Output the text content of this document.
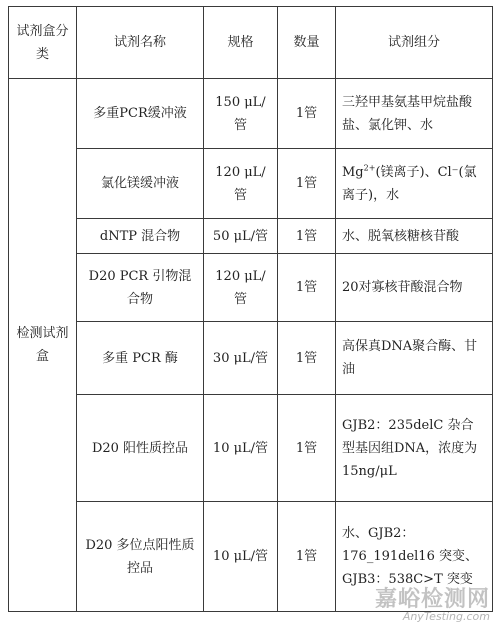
试剂盒分类	试剂名称	规格	数量	试剂组分
检测试剂盒	多重PCR缓冲液	150 μL/管	1管	三羟甲基氨基甲烷盐酸盐、氯化钾、水
	氯化镁缓冲液	120 μL/管	1管	$Mg^{2+}$(镁离子)、Cl⁻(氯离子)，水
	dNTP 混合物	50 μL/管	1管	水、脱氧核糖核苷酸
	D20 PCR 引物混合物	120 μL/管	1管	20对寡核苷酸混合物
	多重 PCR 酶	30 μL/管	1管	高保真DNA聚合酶、甘油
	D20 阳性质控品	10 μL/管	1管	GJB2：235delC 杂合型基因组DNA，浓度为15ng/μL
	D20 多位点阳性质控品	10 μL/管	1管	水、GJB2：176_191del16 突变、GJB3：538C>T 突变
嘉峪检测网
AnyTesting.com
